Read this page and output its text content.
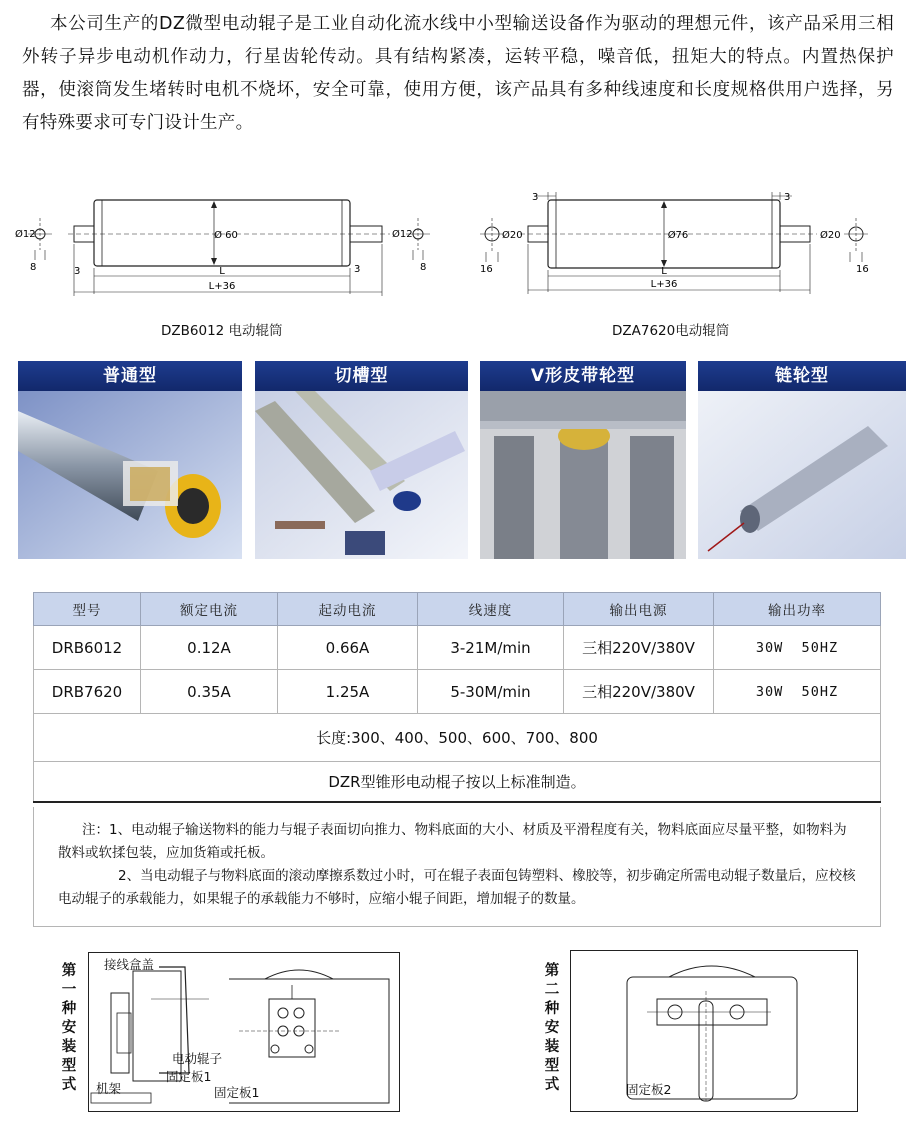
本公司生产的DZ微型电动辊子是工业自动化流水线中小型输送设备作为驱动的理想元件，该产品采用三相外转子异步电动机作动力，行星齿轮传动。具有结构紧凑，运转平稳，噪音低，扭矩大的特点。内置热保护器，使滚筒发生堵转时电机不烧坏，安全可靠，使用方便，该产品具有多种线速度和长度规格供用户选择，另有特殊要求可专门设计生产。

Ø12	Ø 60	Ø12
8	8
3	3
L
L+36
DZB6012 电动辊筒
Ø20	Ø76	Ø20
16	16
3	3
L
L+36
DZA7620电动辊筒
普通型	切槽型	V形皮带轮型	链轮型
型号	额定电流	起动电流	线速度	输出电源	输出功率
DRB6012	0.12A	0.66A	3-21M/min	三相220V/380V	30W  50HZ
DRB7620	0.35A	1.25A	5-30M/min	三相220V/380V	30W  50HZ
长度:300、400、500、600、700、800					
DZR型锥形电动棍子按以上标准制造。					

注：1、电动辊子输送物料的能力与辊子表面切向推力、物料底面的大小、材质及平滑程度有关，物料底面应尽量平整，如物料为散料或软揉包装，应加货箱或托板。

2、当电动辊子与物料底面的滚动摩擦系数过小时，可在辊子表面包铸塑料、橡胶等，初步确定所需电动辊子数量后，应校核电动辊子的承载能力，如果辊子的承载能力不够时，应缩小辊子间距，增加辊子的数量。

第一种安装型式
接线盒盖
电动辊子
固定板1
机架	固定板1
第二种安装型式	固定板2
